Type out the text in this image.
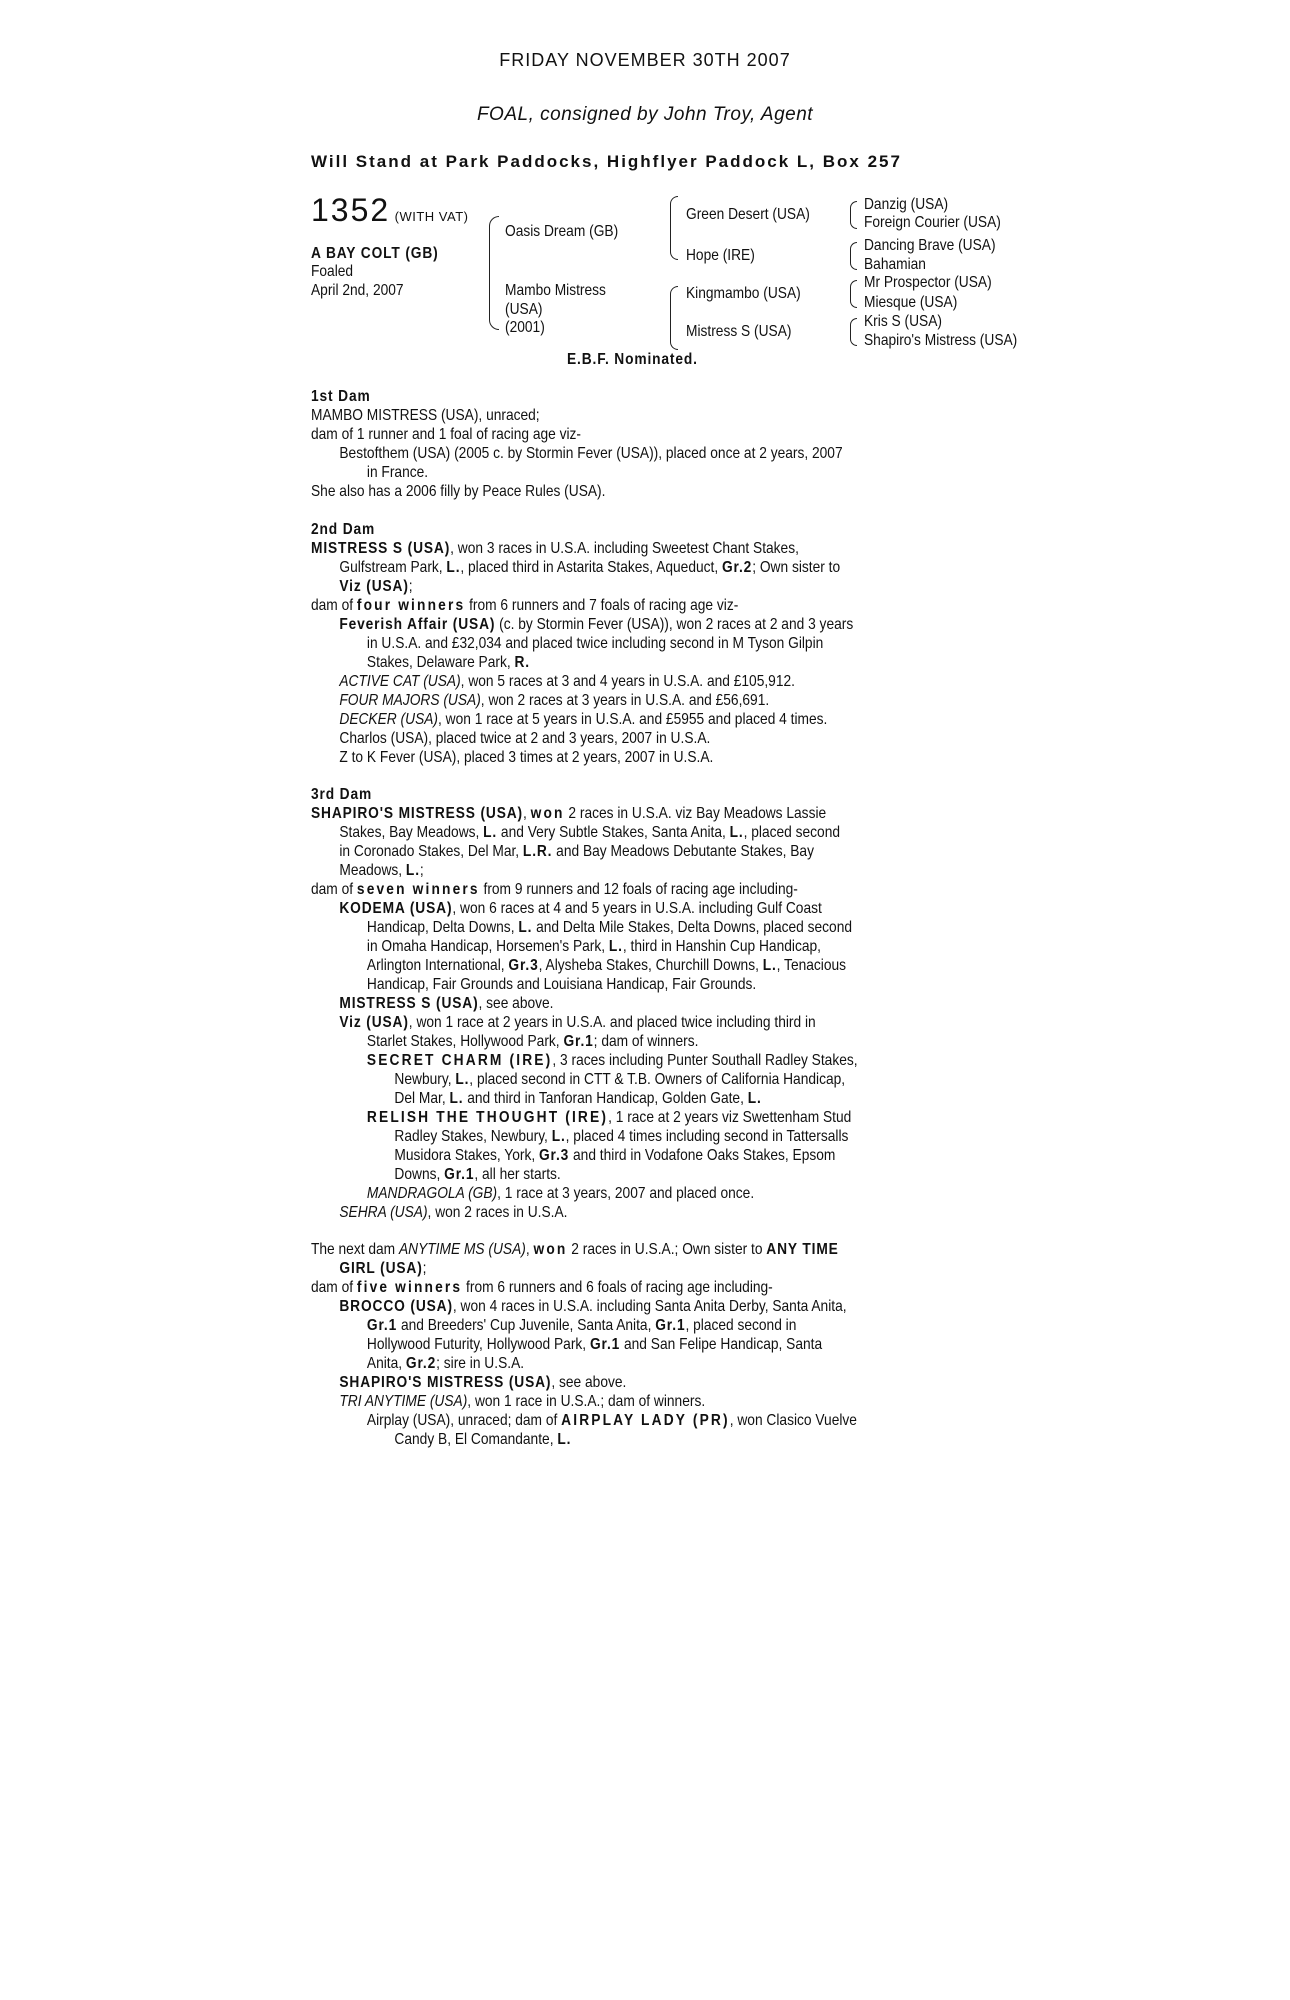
FRIDAY NOVEMBER 30TH 2007
FOAL, consigned by John Troy, Agent
Will Stand at Park Paddocks, Highflyer Paddock L, Box 257
1352 (WITH VAT)
A BAY COLT (GB)
Foaled
April 2nd, 2007
Oasis Dream (GB)
Mambo Mistress
(USA)
(2001)
Green Desert (USA)
Hope (IRE)
Kingmambo (USA)
Mistress S (USA)
Danzig (USA)
Foreign Courier (USA)
Dancing Brave (USA)
Bahamian
Mr Prospector (USA)
Miesque (USA)
Kris S (USA)
Shapiro's Mistress (USA)
E.B.F. Nominated.
1st Dam
MAMBO MISTRESS (USA), unraced;
dam of 1 runner and 1 foal of racing age viz-
Bestofthem (USA) (2005 c. by Stormin Fever (USA)), placed once at 2 years, 2007
in France.
She also has a 2006 filly by Peace Rules (USA).
2nd Dam
MISTRESS S (USA), won 3 races in U.S.A. including Sweetest Chant Stakes,
Gulfstream Park, L., placed third in Astarita Stakes, Aqueduct, Gr.2; Own sister to
Viz (USA);
dam of four winners from 6 runners and 7 foals of racing age viz-
Feverish Affair (USA) (c. by Stormin Fever (USA)), won 2 races at 2 and 3 years
in U.S.A. and £32,034 and placed twice including second in M Tyson Gilpin
Stakes, Delaware Park, R.
ACTIVE CAT (USA), won 5 races at 3 and 4 years in U.S.A. and £105,912.
FOUR MAJORS (USA), won 2 races at 3 years in U.S.A. and £56,691.
DECKER (USA), won 1 race at 5 years in U.S.A. and £5955 and placed 4 times.
Charlos (USA), placed twice at 2 and 3 years, 2007 in U.S.A.
Z to K Fever (USA), placed 3 times at 2 years, 2007 in U.S.A.
3rd Dam
SHAPIRO'S MISTRESS (USA), won 2 races in U.S.A. viz Bay Meadows Lassie
Stakes, Bay Meadows, L. and Very Subtle Stakes, Santa Anita, L., placed second
in Coronado Stakes, Del Mar, L.R. and Bay Meadows Debutante Stakes, Bay
Meadows, L.;
dam of seven winners from 9 runners and 12 foals of racing age including-
KODEMA (USA), won 6 races at 4 and 5 years in U.S.A. including Gulf Coast
Handicap, Delta Downs, L. and Delta Mile Stakes, Delta Downs, placed second
in Omaha Handicap, Horsemen's Park, L., third in Hanshin Cup Handicap,
Arlington International, Gr.3, Alysheba Stakes, Churchill Downs, L., Tenacious
Handicap, Fair Grounds and Louisiana Handicap, Fair Grounds.
MISTRESS S (USA), see above.
Viz (USA), won 1 race at 2 years in U.S.A. and placed twice including third in
Starlet Stakes, Hollywood Park, Gr.1; dam of winners.
SECRET CHARM (IRE), 3 races including Punter Southall Radley Stakes,
Newbury, L., placed second in CTT & T.B. Owners of California Handicap,
Del Mar, L. and third in Tanforan Handicap, Golden Gate, L.
RELISH THE THOUGHT (IRE), 1 race at 2 years viz Swettenham Stud
Radley Stakes, Newbury, L., placed 4 times including second in Tattersalls
Musidora Stakes, York, Gr.3 and third in Vodafone Oaks Stakes, Epsom
Downs, Gr.1, all her starts.
MANDRAGOLA (GB), 1 race at 3 years, 2007 and placed once.
SEHRA (USA), won 2 races in U.S.A.
The next dam ANYTIME MS (USA), won 2 races in U.S.A.; Own sister to ANY TIME
GIRL (USA);
dam of five winners from 6 runners and 6 foals of racing age including-
BROCCO (USA), won 4 races in U.S.A. including Santa Anita Derby, Santa Anita,
Gr.1 and Breeders' Cup Juvenile, Santa Anita, Gr.1, placed second in
Hollywood Futurity, Hollywood Park, Gr.1 and San Felipe Handicap, Santa
Anita, Gr.2; sire in U.S.A.
SHAPIRO'S MISTRESS (USA), see above.
TRI ANYTIME (USA), won 1 race in U.S.A.; dam of winners.
Airplay (USA), unraced; dam of AIRPLAY LADY (PR), won Clasico Vuelve
Candy B, El Comandante, L.
